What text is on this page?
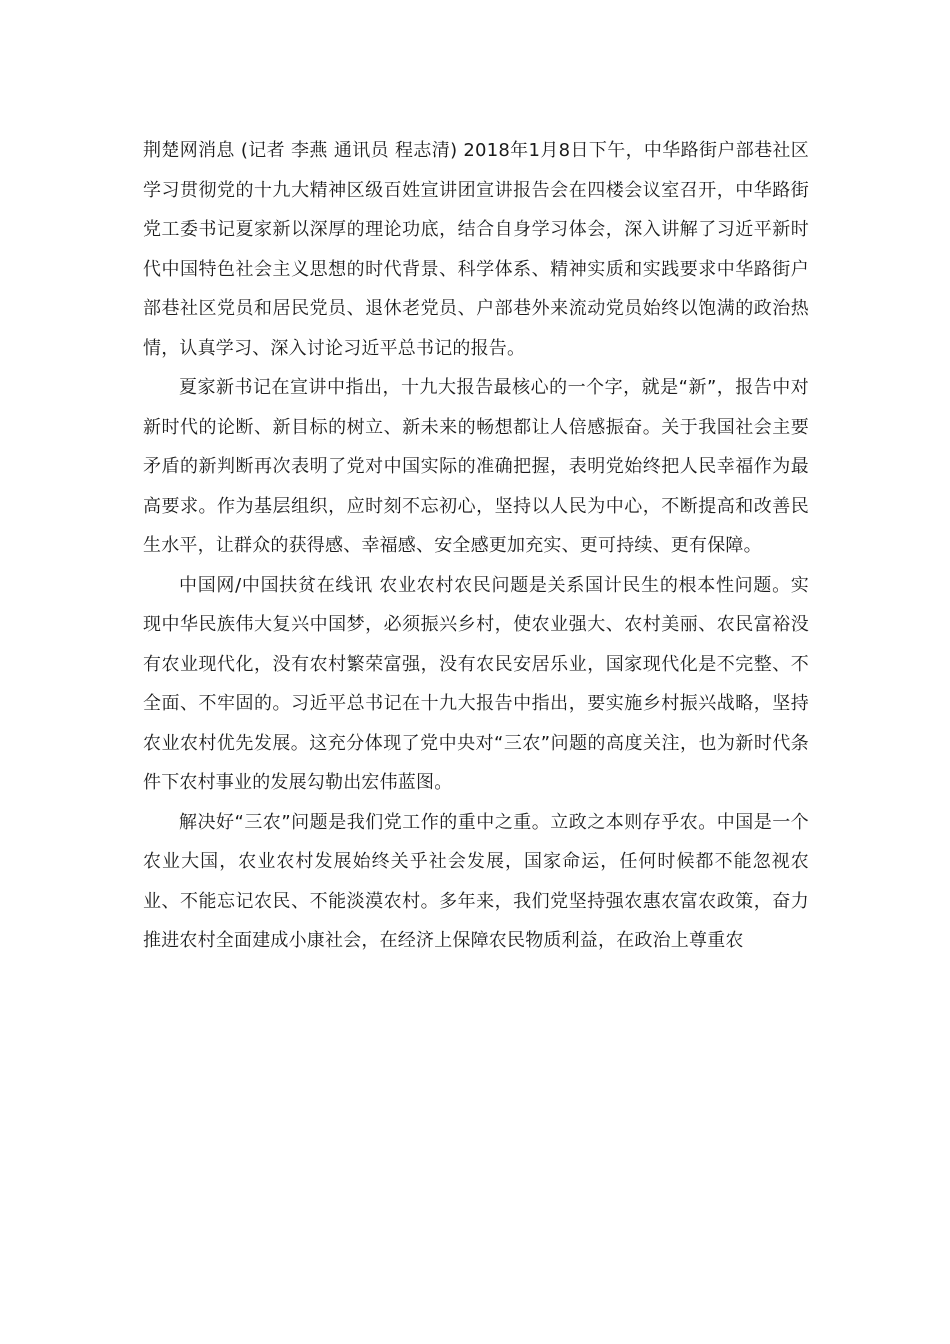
荆楚网消息 (记者 李燕 通讯员 程志清) 2018年1月8日下午，中华路街户部巷社区学习贯彻党的十九大精神区级百姓宣讲团宣讲报告会在四楼会议室召开，中华路街党工委书记夏家新以深厚的理论功底，结合自身学习体会，深入讲解了习近平新时代中国特色社会主义思想的时代背景、科学体系、精神实质和实践要求中华路街户部巷社区党员和居民党员、退休老党员、户部巷外来流动党员始终以饱满的政治热情，认真学习、深入讨论习近平总书记的报告。

夏家新书记在宣讲中指出，十九大报告最核心的一个字，就是“新”，报告中对新时代的论断、新目标的树立、新未来的畅想都让人倍感振奋。关于我国社会主要矛盾的新判断再次表明了党对中国实际的准确把握，表明党始终把人民幸福作为最高要求。作为基层组织，应时刻不忘初心，坚持以人民为中心，不断提高和改善民生水平，让群众的获得感、幸福感、安全感更加充实、更可持续、更有保障。

中国网/中国扶贫在线讯 农业农村农民问题是关系国计民生的根本性问题。实现中华民族伟大复兴中国梦，必须振兴乡村，使农业强大、农村美丽、农民富裕没有农业现代化，没有农村繁荣富强，没有农民安居乐业，国家现代化是不完整、不全面、不牢固的。习近平总书记在十九大报告中指出，要实施乡村振兴战略，坚持农业农村优先发展。这充分体现了党中央对“三农”问题的高度关注，也为新时代条件下农村事业的发展勾勒出宏伟蓝图。

解决好“三农”问题是我们党工作的重中之重。立政之本则存乎农。中国是一个农业大国，农业农村发展始终关乎社会发展，国家命运，任何时候都不能忽视农业、不能忘记农民、不能淡漠农村。多年来，我们党坚持强农惠农富农政策，奋力推进农村全面建成小康社会，在经济上保障农民物质利益，在政治上尊重农
